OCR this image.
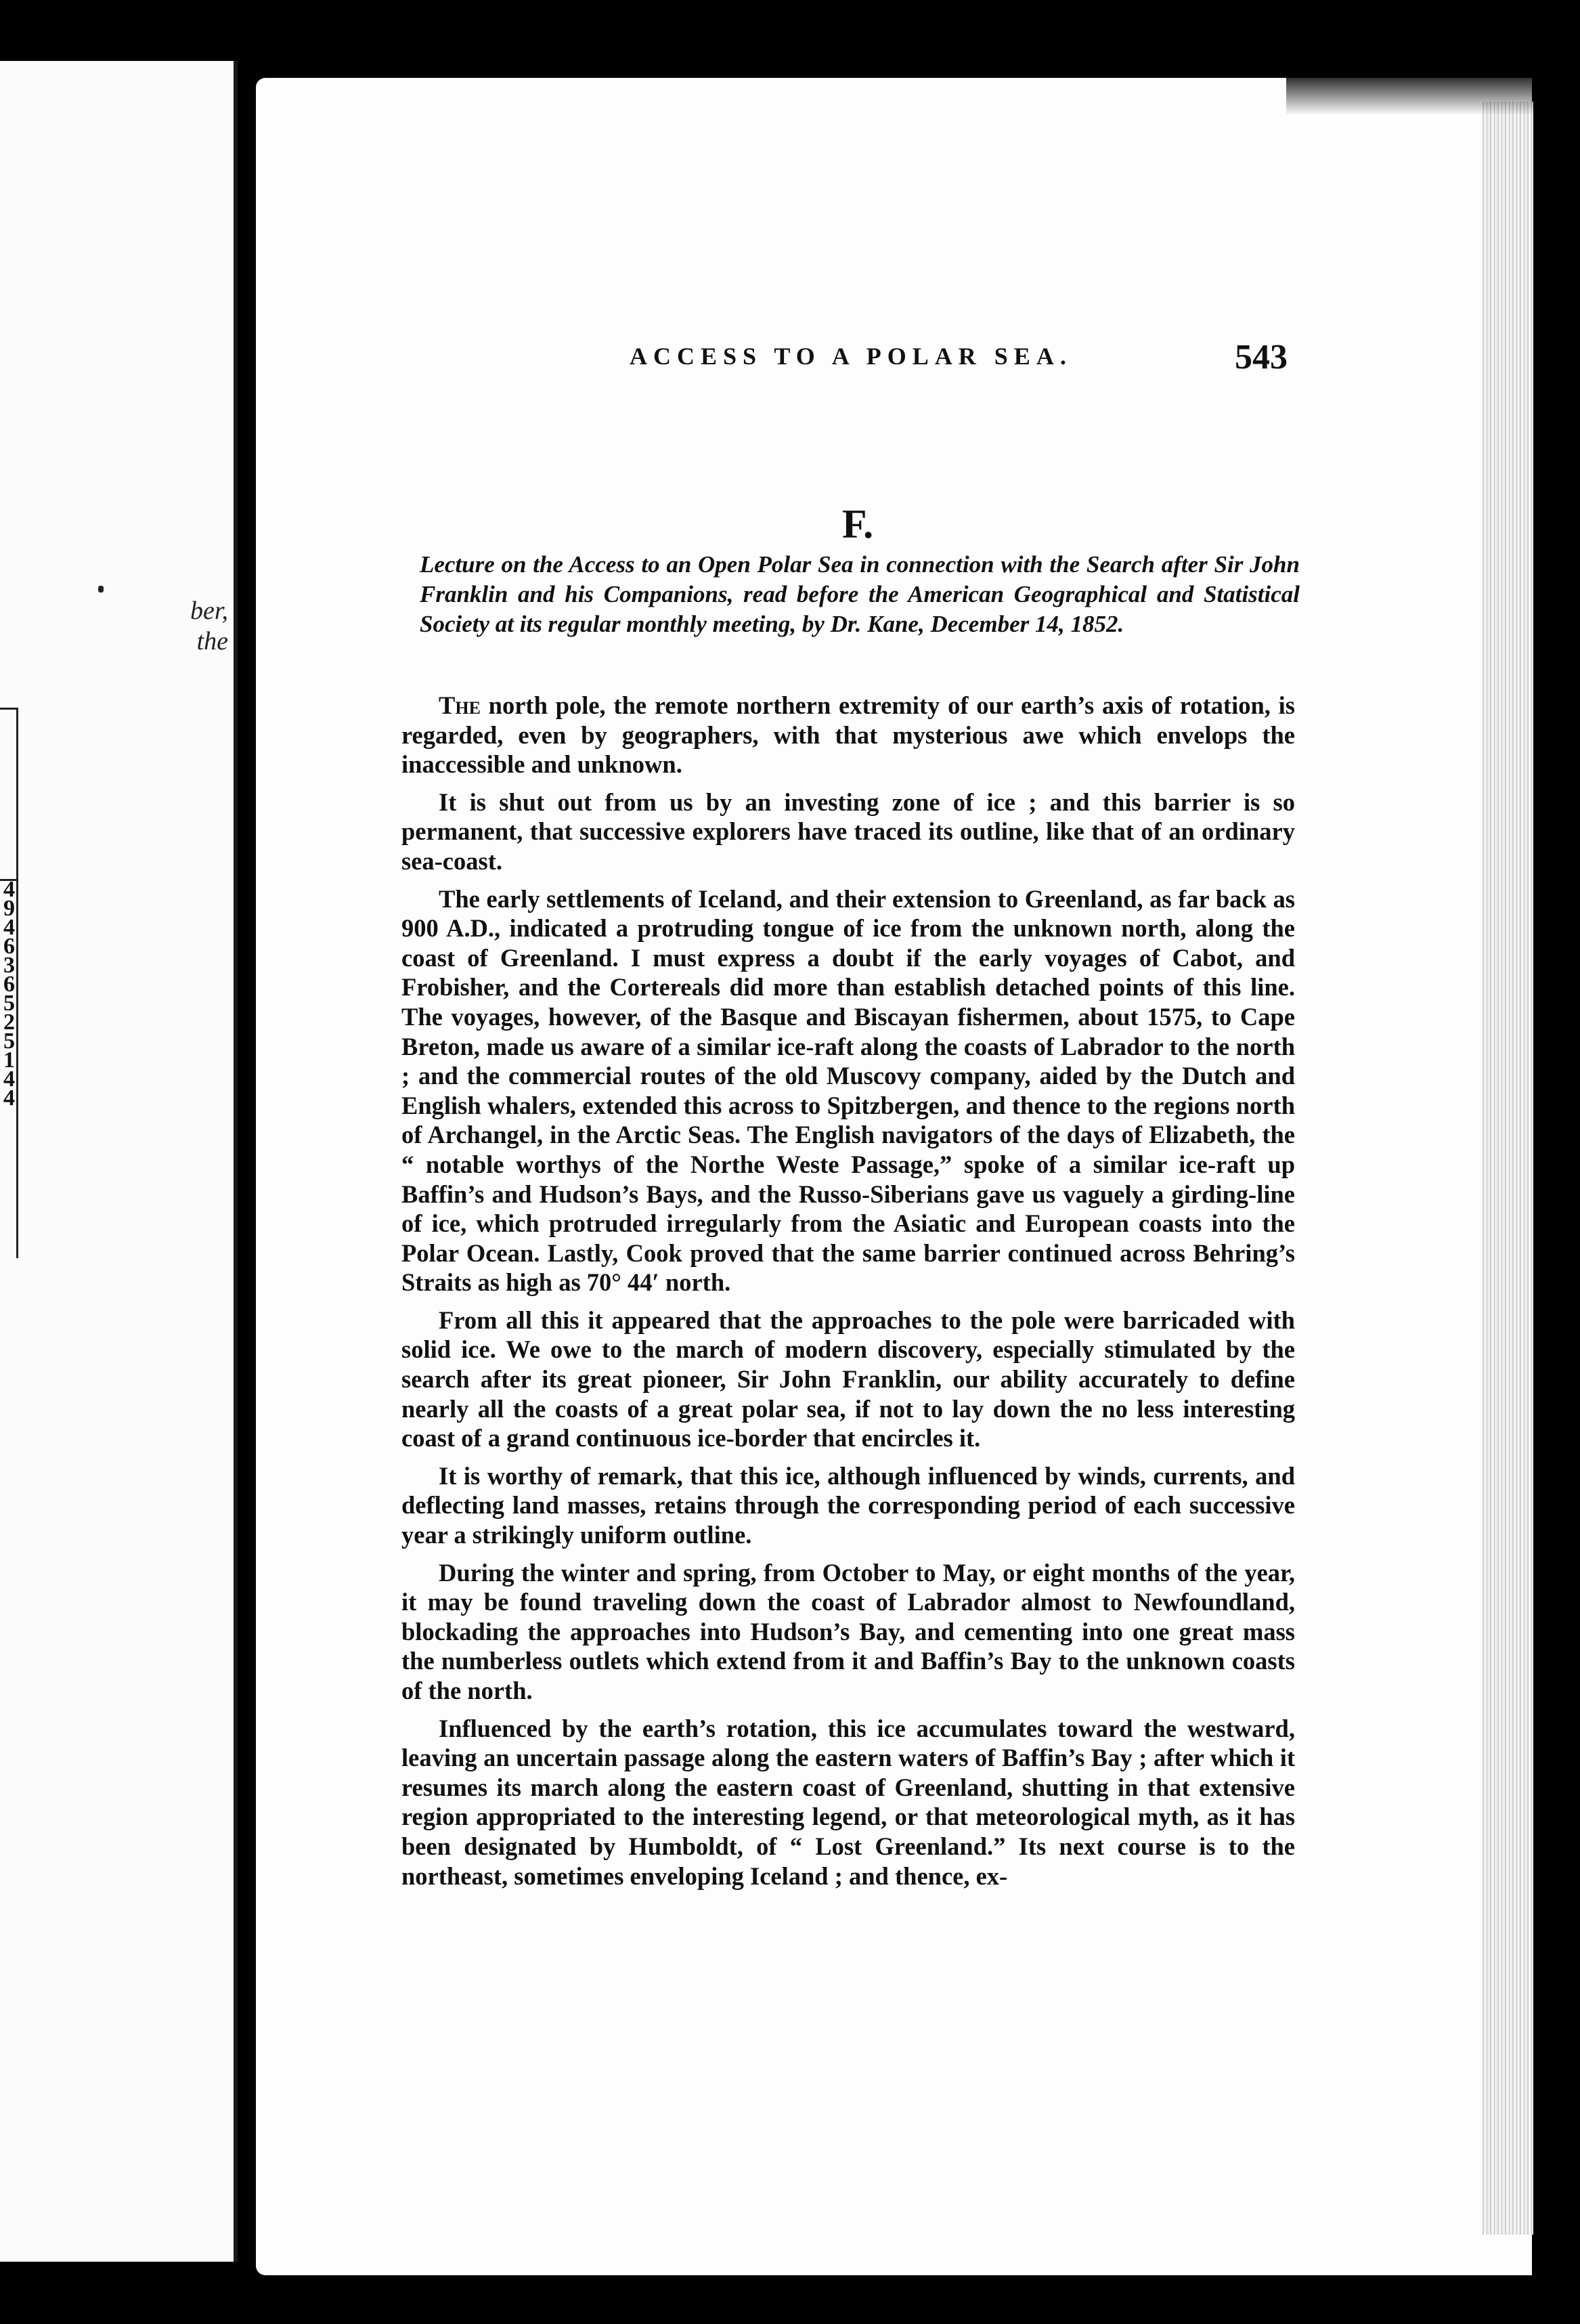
ber,
the
4
9
4
6
3
6
5
2
5
1
4
4
ACCESS TO A POLAR SEA.	543
F.
Lecture on the Access to an Open Polar Sea in connection with the Search after Sir John Franklin and his Companions, read before the American Geographical and Statistical Society at its regular monthly meeting, by Dr. Kane, December 14, 1852.

The north pole, the remote northern extremity of our earth’s axis of rotation, is regarded, even by geographers, with that mysterious awe which envelops the inaccessible and unknown.

It is shut out from us by an investing zone of ice ; and this barrier is so permanent, that successive explorers have traced its outline, like that of an ordinary sea-coast.

The early settlements of Iceland, and their extension to Greenland, as far back as 900 A.D., indicated a protruding tongue of ice from the unknown north, along the coast of Greenland. I must express a doubt if the early voyages of Cabot, and Frobisher, and the Cortereals did more than establish detached points of this line. The voyages, however, of the Basque and Biscayan fishermen, about 1575, to Cape Breton, made us aware of a similar ice-raft along the coasts of Labrador to the north ; and the commercial routes of the old Muscovy company, aided by the Dutch and English whalers, extended this across to Spitzbergen, and thence to the regions north of Archangel, in the Arctic Seas. The English navigators of the days of Elizabeth, the “ notable worthys of the Northe Weste Passage,” spoke of a similar ice-raft up Baffin’s and Hudson’s Bays, and the Russo-Siberians gave us vaguely a girding-line of ice, which protruded irregularly from the Asiatic and European coasts into the Polar Ocean. Lastly, Cook proved that the same barrier continued across Behring’s Straits as high as 70° 44′ north.

From all this it appeared that the approaches to the pole were barricaded with solid ice. We owe to the march of modern discovery, especially stimulated by the search after its great pioneer, Sir John Franklin, our ability accurately to define nearly all the coasts of a great polar sea, if not to lay down the no less interesting coast of a grand continuous ice-border that encircles it.

It is worthy of remark, that this ice, although influenced by winds, currents, and deflecting land masses, retains through the corresponding period of each successive year a strikingly uniform outline.

During the winter and spring, from October to May, or eight months of the year, it may be found traveling down the coast of Labrador almost to Newfoundland, blockading the approaches into Hudson’s Bay, and cementing into one great mass the numberless outlets which extend from it and Baffin’s Bay to the unknown coasts of the north.

Influenced by the earth’s rotation, this ice accumulates toward the westward, leaving an uncertain passage along the eastern waters of Baffin’s Bay ; after which it resumes its march along the eastern coast of Greenland, shutting in that extensive region appropriated to the interesting legend, or that meteorological myth, as it has been designated by Humboldt, of “ Lost Greenland.” Its next course is to the northeast, sometimes enveloping Iceland ; and thence, ex-
